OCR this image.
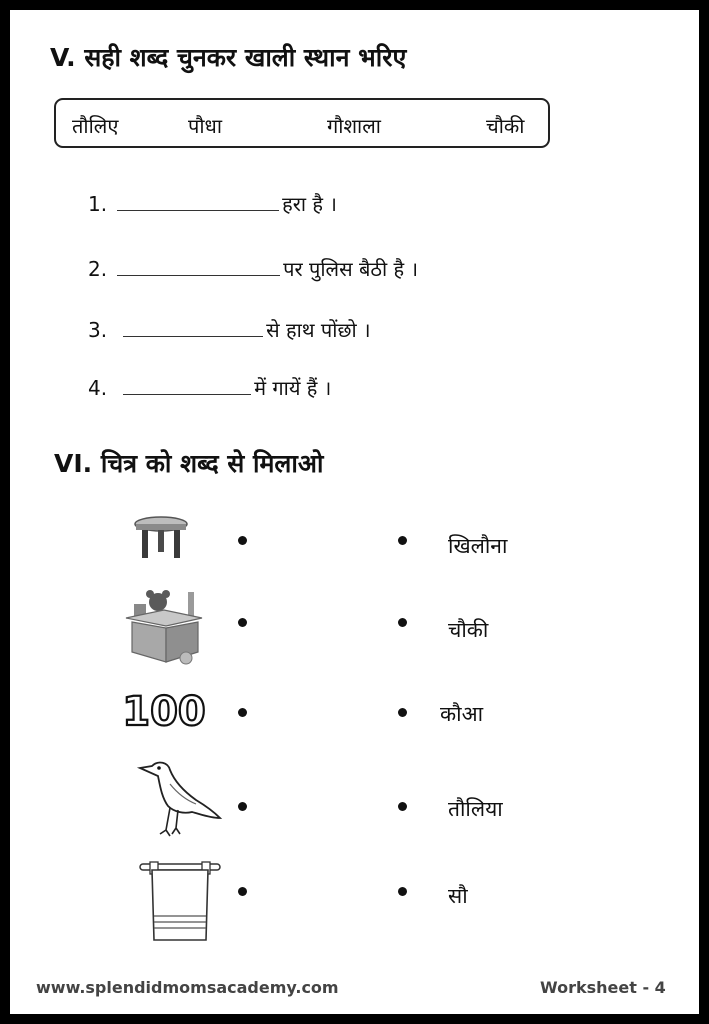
V. सही शब्द चुनकर खाली स्थान भरिए
तौलिए	पौधा	गौशाला	चौकी
1.	हरा है ।
2.	पर पुलिस बैठी है ।
3.	से हाथ पोंछो ।
4.	में गायें हैं ।
VI. चित्र को शब्द से मिलाओ
100
खिलौना
चौकी
कौआ
तौलिया
सौ
www.splendidmomsacademy.com	Worksheet - 4
